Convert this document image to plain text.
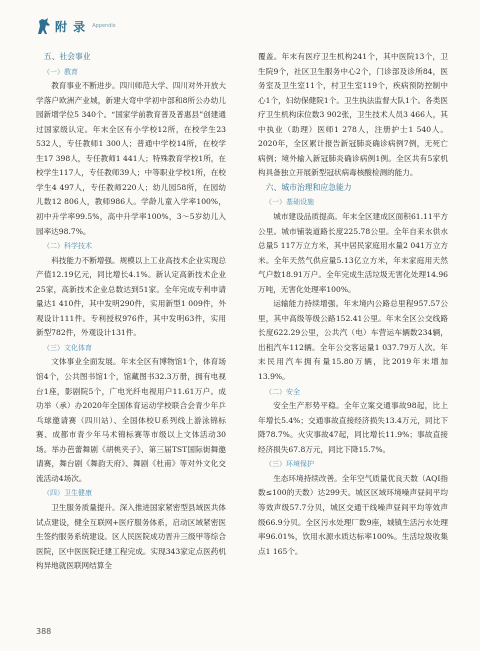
附 录 Appendix

五、社会事业

（一）教育

教育事业不断进步。四川师范大学、四川对外开放大学落户欧洲产业城，新建大弯中学初中部和8所公办幼儿园新增学位5 340个。“国家学前教育普及普惠县”创建通过国家级认定。年末全区有小学校12所，在校学生23 532人，专任教师1 300人；普通中学校14所，在校学生17 398人，专任教师1 441人；特殊教育学校1所，在校学生117人，专任教师39人；中等职业学校1所，在校学生4 497人，专任教师220人；幼儿园58所，在园幼儿数12 806人，教师986人。学龄儿童入学率100%，初中升学率99.5%，高中升学率100%，3～5岁幼儿入园率达98.7%。

（二）科学技术

科技能力不断增强。规模以上工业高技术企业实现总产值12.19亿元，同比增长4.1%。新认定高新技术企业25家，高新技术企业总数达到51家。全年完成专利申请量达1 410件，其中发明290件，实用新型1 009件，外观设计111件。专利授权976件，其中发明63件，实用新型782件，外观设计131件。

（三）文化体育

文体事业全面发展。年末全区有博物馆1个，体育场馆4个，公共图书馆1个，馆藏图书32.3万册，拥有电视台1座，影剧院5个，广电光纤电视用户11.61万户。成功举（承）办2020年全国体育运动学校联合会青少年乒乓球邀请赛（四川站）、全国体校U系列线上游泳锦标赛、成都市青少年马术锦标赛等市级以上文体活动30场。举办芭蕾舞剧《胡桃夹子》、第三届TST国际街舞邀请赛，舞台剧《舞韵天府》、舞剧《杜甫》等对外文化交流活动4场次。

（四）卫生健康

卫生服务质量提升。深入推进国家紧密型县域医共体试点建设，健全互联网+医疗服务体系，启动区域紧密医生签约服务系统建设。区人民医院成功晋升三级甲等综合医院，区中医医院迁建工程完成。实现343家定点医药机构异地就医联网结算全

覆盖。年末有医疗卫生机构241个，其中医院13个，卫生院9个，社区卫生服务中心2个，门诊部及诊所84，医务室及卫生室11个，村卫生室119个，疾病预防控制中心1个，妇幼保健院1个。卫生执法监督大队1个。各类医疗卫生机构床位数3 902张，卫生技术人员3 466人，其中执业（助理）医师1 278人，注册护士1 540人。2020年，全区累计报告新冠肺炎确诊病例7例，无死亡病例；境外输入新冠肺炎确诊病例1例。全区共有5家机构具备独立开展新型冠状病毒核酸检测的能力。

六、城市治理和应急能力

（一）基础设施

城市建设品质提高。年末全区建成区面积61.11平方公里。城市铺装道路长度225.78公里。全年自来水供水总量5 117万立方米，其中居民家庭用水量2 041万立方米。全年天然气供应量5.13亿立方米，年末家庭用天然气户数18.91万户。全年完成生活垃圾无害化处理14.96万吨，无害化处理率100%。

运输能力持续增强。年末境内公路总里程957.57公里，其中高级等级公路152.41公里。年末全区公交线路长度622.29公里，公共汽（电）车营运车辆数234辆，出租汽车112辆。全年公交客运量1 037.79万人次。年末民用汽车拥有量15.80万辆，比2019年末增加13.9%。

（二）安全

安全生产形势平稳。全年立案交通事故98起，比上年增长5.4%；交通事故直接经济损失13.4万元，同比下降78.7%。火灾事故47起，同比增长11.9%；事故直接经济损失67.8万元，同比下降15.7%。

（三）环境保护

生态环境持续改善。全年空气质量优良天数（AQI指数≤100的天数）达299天。城区区域环境噪声昼间平均等效声级57.7分贝，城区交通干线噪声昼间平均等效声级66.9分贝。全区污水处理厂数9座，城镇生活污水处理率96.01%，饮用水源水质达标率100%。生活垃圾收集点1 165个。

388
